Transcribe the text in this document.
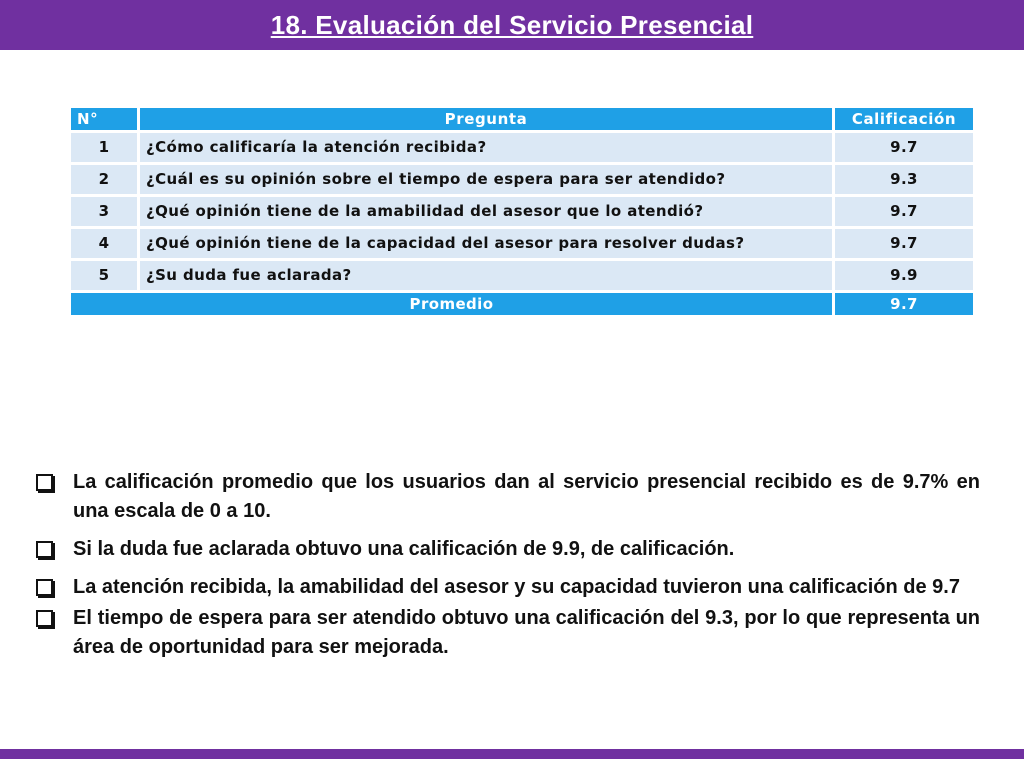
18. Evaluación del Servicio Presencial
N°	Pregunta	Calificación
1	¿Cómo calificaría la atención recibida?	9.7
2	¿Cuál es su opinión sobre el tiempo de espera para ser atendido?	9.3
3	¿Qué opinión tiene de la amabilidad del asesor que lo atendió?	9.7
4	¿Qué opinión tiene de la capacidad del asesor para resolver dudas?	9.7
5	¿Su duda fue aclarada?	9.9
Promedio		9.7
La calificación promedio que los usuarios dan al servicio presencial recibido es de 9.7% en una escala de 0 a 10.
Si la duda fue aclarada obtuvo una calificación de 9.9, de calificación.
La atención recibida, la amabilidad del asesor y su capacidad tuvieron una calificación de 9.7
El tiempo de espera para ser atendido obtuvo una calificación del 9.3, por lo que representa un área de oportunidad para ser mejorada.
